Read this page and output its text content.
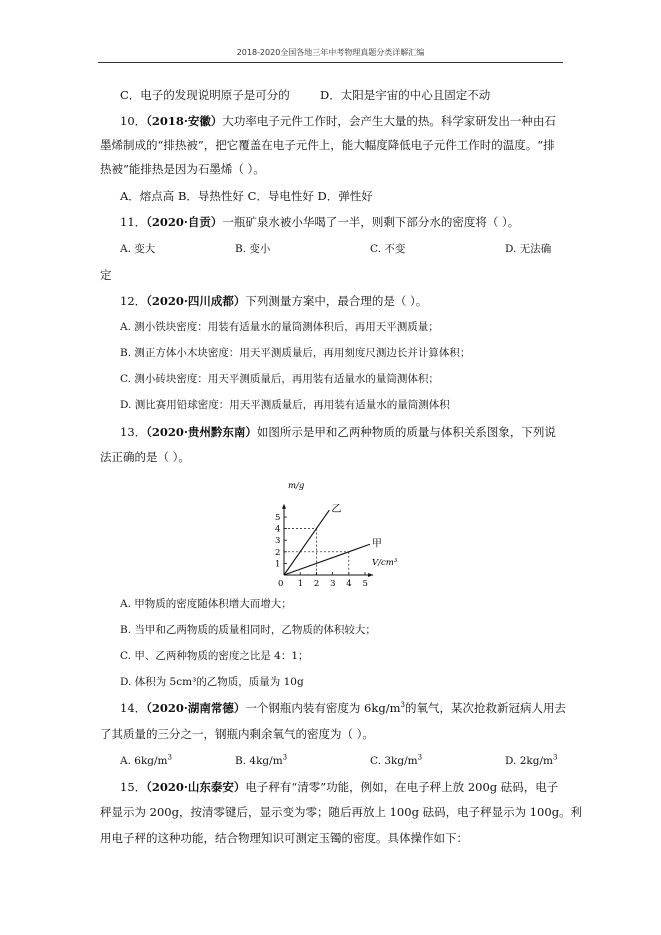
2018-2020全国各地三年中考物理真题分类详解汇编
C．电子的发现说明原子是可分的	D．太阳是宇宙的中心且固定不动
10．（2018·安徽）大功率电子元件工作时，会产生大量的热。科学家研发出一种由石
墨烯制成的“排热被”，把它覆盖在电子元件上，能大幅度降低电子元件工作时的温度。“排
热被”能排热是因为石墨烯（ ）。
A．熔点高 B．导热性好 C．导电性好 D．弹性好
11．（2020·自贡）一瓶矿泉水被小华喝了一半，则剩下部分水的密度将（ ）。
A. 变大	B. 变小	C. 不变	D. 无法确
定
12．（2020·四川成都）下列测量方案中，最合理的是（ ）。
A. 测小铁块密度：用装有适量水的量筒测体积后，再用天平测质量；
B. 测正方体小木块密度：用天平测质量后，再用刻度尺测边长并计算体积；
C. 测小砖块密度：用天平测质量后，再用装有适量水的量筒测体积；
D. 测比赛用铅球密度：用天平测质量后，再用装有适量水的量筒测体积
13．（2020·贵州黔东南）如图所示是甲和乙两种物质的质量与体积关系图象，下列说
法正确的是（ ）。
0 1 2 3 4 5
1
2
3
4
5
乙
甲
m/g
V/cm³
A. 甲物质的密度随体积增大而增大；
B. 当甲和乙两物质的质量相同时，乙物质的体积较大；
C. 甲、乙两种物质的密度之比是 4：1；
D. 体积为 5cm³的乙物质，质量为 10g
14．（2020·湖南常德）一个钢瓶内装有密度为 $6kg/m^3$的氧气，某次抢救新冠病人用去
了其质量的三分之一，钢瓶内剩余氧气的密度为（ ）。
A. $6kg/m^3$	B. $4kg/m^3$	C. $3kg/m^3$	D. $2kg/m^3$
15．（2020·山东泰安）电子秤有“清零”功能，例如，在电子秤上放 200g 砝码，电子
秤显示为 200g，按清零键后，显示变为零；随后再放上 100g 砝码，电子秤显示为 100g。利
用电子秤的这种功能，结合物理知识可测定玉镯的密度。具体操作如下：
